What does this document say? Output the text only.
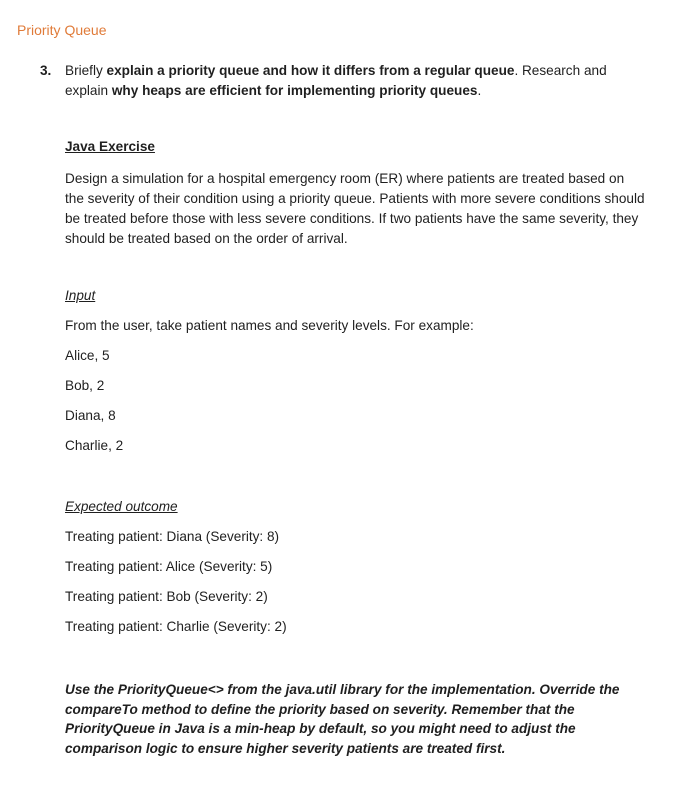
Priority Queue
3. Briefly explain a priority queue and how it differs from a regular queue. Research and explain why heaps are efficient for implementing priority queues.
Java Exercise
Design a simulation for a hospital emergency room (ER) where patients are treated based on the severity of their condition using a priority queue. Patients with more severe conditions should be treated before those with less severe conditions. If two patients have the same severity, they should be treated based on the order of arrival.
Input
From the user, take patient names and severity levels. For example:
Alice, 5
Bob, 2
Diana, 8
Charlie, 2
Expected outcome
Treating patient: Diana (Severity: 8)
Treating patient: Alice (Severity: 5)
Treating patient: Bob (Severity: 2)
Treating patient: Charlie (Severity: 2)
Use the PriorityQueue<> from the java.util library for the implementation. Override the compareTo method to define the priority based on severity. Remember that the PriorityQueue in Java is a min-heap by default, so you might need to adjust the comparison logic to ensure higher severity patients are treated first.
